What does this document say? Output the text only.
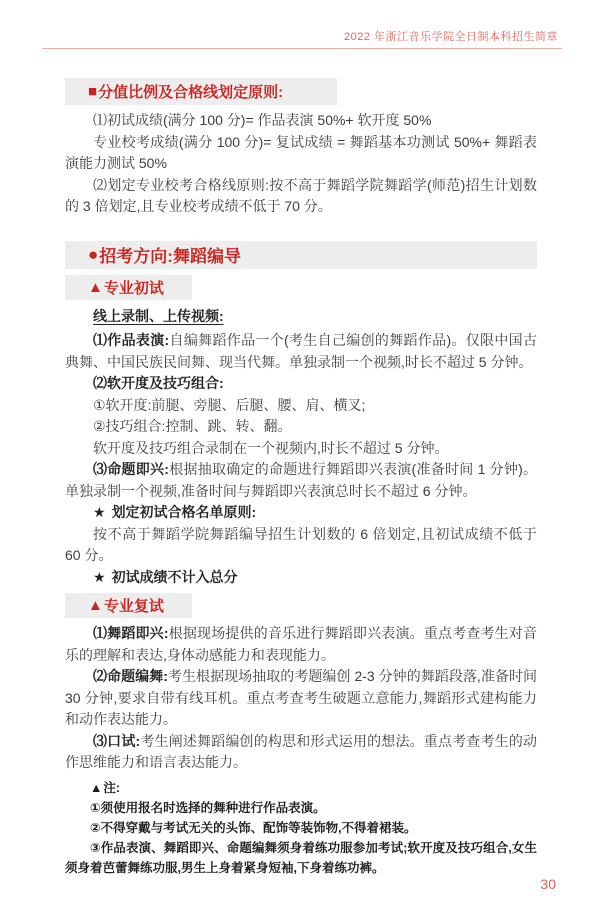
2022 年浙江音乐学院全日制本科招生简章
■ 分值比例及合格线划定原则:

⑴初试成绩(满分 100 分)= 作品表演 50%+ 软开度 50%

专业校考成绩(满分 100 分)= 复试成绩 = 舞蹈基本功测试 50%+ 舞蹈表演能力测试 50%

⑵划定专业校考合格线原则:按不高于舞蹈学院舞蹈学(师范)招生计划数的 3 倍划定,且专业校考成绩不低于 70 分。

● 招考方向:舞蹈编导
▲ 专业初试

线上录制、上传视频:

⑴作品表演:自编舞蹈作品一个(考生自己编创的舞蹈作品)。仅限中国古典舞、中国民族民间舞、现当代舞。单独录制一个视频,时长不超过 5 分钟。

⑵软开度及技巧组合:

①软开度:前腿、旁腿、后腿、腰、肩、横叉;

②技巧组合:控制、跳、转、翻。

软开度及技巧组合录制在一个视频内,时长不超过 5 分钟。

⑶命题即兴:根据抽取确定的命题进行舞蹈即兴表演(准备时间 1 分钟)。单独录制一个视频,准备时间与舞蹈即兴表演总时长不超过 6 分钟。

★ 划定初试合格名单原则:

按不高于舞蹈学院舞蹈编导招生计划数的 6 倍划定,且初试成绩不低于 60 分。

★ 初试成绩不计入总分

▲ 专业复试

⑴舞蹈即兴:根据现场提供的音乐进行舞蹈即兴表演。重点考查考生对音乐的理解和表达,身体动感能力和表现能力。

⑵命题编舞:考生根据现场抽取的考题编创 2-3 分钟的舞蹈段落,准备时间 30 分钟,要求自带有线耳机。重点考查考生破题立意能力,舞蹈形式建构能力和动作表达能力。

⑶口试:考生阐述舞蹈编创的构思和形式运用的想法。重点考查考生的动作思维能力和语言表达能力。

▲注:

①须使用报名时选择的舞种进行作品表演。

②不得穿戴与考试无关的头饰、配饰等装饰物,不得着裙装。

③作品表演、舞蹈即兴、命题编舞须身着练功服参加考试;软开度及技巧组合,女生须身着芭蕾舞练功服,男生上身着紧身短袖,下身着练功裤。

30
